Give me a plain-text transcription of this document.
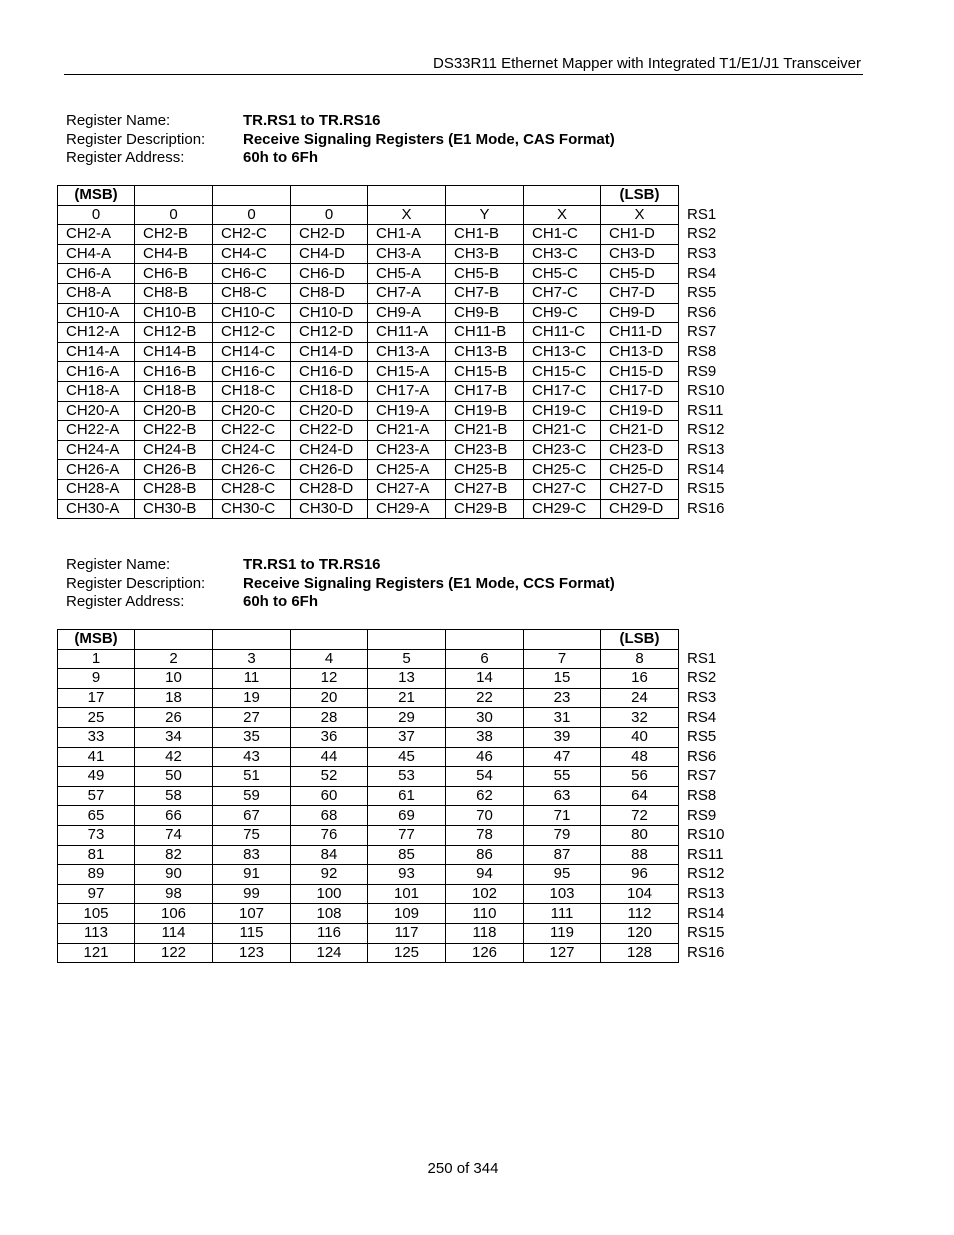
DS33R11 Ethernet Mapper with Integrated T1/E1/J1 Transceiver
Register Name:	TR.RS1 to TR.RS16
Register Description:	Receive Signaling Registers (E1 Mode, CAS Format)
Register Address:	60h to 6Fh
(MSB)							(LSB)	
0	0	0	0	X	Y	X	X	RS1
CH2-A	CH2-B	CH2-C	CH2-D	CH1-A	CH1-B	CH1-C	CH1-D	RS2
CH4-A	CH4-B	CH4-C	CH4-D	CH3-A	CH3-B	CH3-C	CH3-D	RS3
CH6-A	CH6-B	CH6-C	CH6-D	CH5-A	CH5-B	CH5-C	CH5-D	RS4
CH8-A	CH8-B	CH8-C	CH8-D	CH7-A	CH7-B	CH7-C	CH7-D	RS5
CH10-A	CH10-B	CH10-C	CH10-D	CH9-A	CH9-B	CH9-C	CH9-D	RS6
CH12-A	CH12-B	CH12-C	CH12-D	CH11-A	CH11-B	CH11-C	CH11-D	RS7
CH14-A	CH14-B	CH14-C	CH14-D	CH13-A	CH13-B	CH13-C	CH13-D	RS8
CH16-A	CH16-B	CH16-C	CH16-D	CH15-A	CH15-B	CH15-C	CH15-D	RS9
CH18-A	CH18-B	CH18-C	CH18-D	CH17-A	CH17-B	CH17-C	CH17-D	RS10
CH20-A	CH20-B	CH20-C	CH20-D	CH19-A	CH19-B	CH19-C	CH19-D	RS11
CH22-A	CH22-B	CH22-C	CH22-D	CH21-A	CH21-B	CH21-C	CH21-D	RS12
CH24-A	CH24-B	CH24-C	CH24-D	CH23-A	CH23-B	CH23-C	CH23-D	RS13
CH26-A	CH26-B	CH26-C	CH26-D	CH25-A	CH25-B	CH25-C	CH25-D	RS14
CH28-A	CH28-B	CH28-C	CH28-D	CH27-A	CH27-B	CH27-C	CH27-D	RS15
CH30-A	CH30-B	CH30-C	CH30-D	CH29-A	CH29-B	CH29-C	CH29-D	RS16
Register Name:	TR.RS1 to TR.RS16
Register Description:	Receive Signaling Registers (E1 Mode, CCS Format)
Register Address:	60h to 6Fh
(MSB)							(LSB)	
1	2	3	4	5	6	7	8	RS1
9	10	11	12	13	14	15	16	RS2
17	18	19	20	21	22	23	24	RS3
25	26	27	28	29	30	31	32	RS4
33	34	35	36	37	38	39	40	RS5
41	42	43	44	45	46	47	48	RS6
49	50	51	52	53	54	55	56	RS7
57	58	59	60	61	62	63	64	RS8
65	66	67	68	69	70	71	72	RS9
73	74	75	76	77	78	79	80	RS10
81	82	83	84	85	86	87	88	RS11
89	90	91	92	93	94	95	96	RS12
97	98	99	100	101	102	103	104	RS13
105	106	107	108	109	110	111	112	RS14
113	114	115	116	117	118	119	120	RS15
121	122	123	124	125	126	127	128	RS16
250 of 344
